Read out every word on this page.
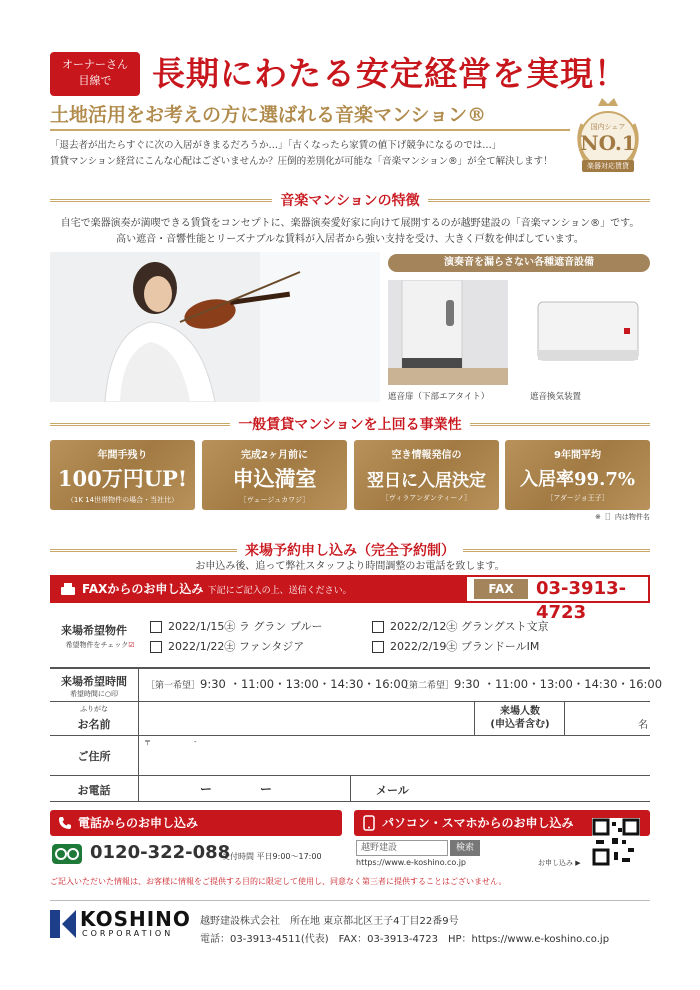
オーナーさん
目線で	長期にわたる安定経営を実現！
土地活用をお考えの方に選ばれる音楽マンション®
「退去者が出たらすぐに次の入居がきまるだろうか…」「古くなったら家賃の値下げ競争になるのでは…」
賃貸マンション経営にこんな心配はございませんか？圧倒的差別化が可能な「音楽マンション®」が全て解決します！
国内シェア
NO.1
楽器対応賃貸
音楽マンションの特徴
自宅で楽器演奏が満喫できる賃貸をコンセプトに、楽器演奏愛好家に向けて展開するのが越野建設の「音楽マンション®」です。
高い遮音・音響性能とリーズナブルな賃料が入居者から強い支持を受け、大きく戸数を伸ばしています。
演奏音を漏らさない各種遮音設備
遮音扉（下部エアタイト）	遮音換気装置
一般賃貸マンションを上回る事業性
年間手残り
100万円UP!
（1K 14世帯物件の場合・当社比）
完成2ヶ月前に
申込満室
［ヴェージュカワジ］
空き情報発信の
翌日に入居決定
［ヴィラアンダンティーノ］
9年間平均
入居率99.7%
［アダージョ王子］
※［］内は物件名
来場予約申し込み（完全予約制）
お申込み後、追って弊社スタッフより時間調整のお電話を致します。
FAXからのお申し込み 下記にご記入の上、送信ください。	FAX	03-3913-4723
来場希望物件
希望物件をチェック☑
2022/1/15㊏ ラ グラン ブルー	2022/2/12㊏ グラングスト文京
2022/1/22㊏ ファンタジア	2022/2/19㊏ ブランドールIM
来場希望時間
希望時間に○印
［第一希望］ 9:30 ・11:00・13:00・14:30・16:00
［第二希望］ 9:30 ・11:00・13:00・14:30・16:00
ふりがな
お名前
来場人数
(申込者含む)	名
ご住所
〒	-
お電話	ー　　　　ー	メール
電話からのお申し込み	パソコン・スマホからのお申し込み
0120-322-088
受付時間 平日9:00～17:00
越野建設	検索
https://www.e-koshino.co.jp	お申し込み ▶
ご記入いただいた情報は、お客様に情報をご提供する目的に限定して使用し、同意なく第三者に提供することはございません。
KOSHINO
CORPORATION
越野建設株式会社　所在地 東京都北区王子4丁目22番9号
電話：03-3913-4511(代表)　FAX：03-3913-4723　HP：https://www.e-koshino.co.jp
